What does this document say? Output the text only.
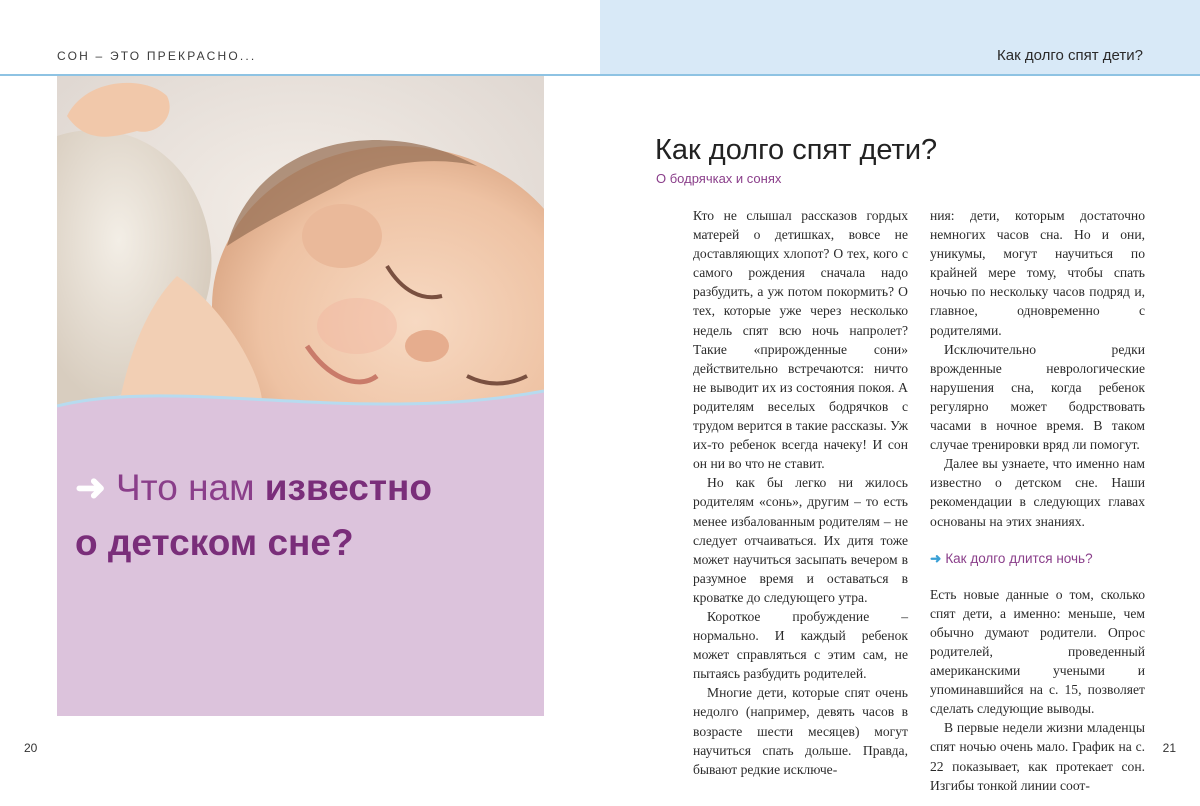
СОН – ЭТО ПРЕКРАСНО...	Как долго спят дети?
➜ Что нам известно
о детском сне?
Как долго спят дети?
О бодрячках и сонях

Кто не слышал рассказов гордых матерей о детишках, вовсе не доставляющих хлопот? О тех, кого с самого рождения сначала надо разбудить, а уж потом покормить? О тех, которые уже через несколько недель спят всю ночь напролет? Такие «прирожденные сони» действительно встречаются: ничто не выводит их из состояния покоя. А родителям веселых бодрячков с трудом верится в такие рассказы. Уж их-то ребенок всегда начеку! И сон он ни во что не ставит.

Но как бы легко ни жилось родителям «сонь», другим – то есть менее избалованным родителям – не следует отчаиваться. Их дитя тоже может научиться засыпать вечером в разумное время и оставаться в кроватке до следующего утра.

Короткое пробуждение – нормально. И каждый ребенок может справляться с этим сам, не пытаясь разбудить родителей.

Многие дети, которые спят очень недолго (например, девять часов в возрасте шести месяцев) могут научиться спать дольше. Правда, бывают редкие исключе-

ния: дети, которым достаточно немногих часов сна. Но и они, уникумы, могут научиться по крайней мере тому, чтобы спать ночью по нескольку часов подряд и, главное, одновременно с родителями.

Исключительно редки врожденные неврологические нарушения сна, когда ребенок регулярно может бодрствовать часами в ночное время. В таком случае тренировки вряд ли помогут.

Далее вы узнаете, что именно нам известно о детском сне. Наши рекомендации в следующих главах основаны на этих знаниях.

➜ Как долго длится ночь?

Есть новые данные о том, сколько спят дети, а именно: меньше, чем обычно думают родители. Опрос родителей, проведенный американскими учеными и упоминавшийся на с. 15, позволяет сделать следующие выводы.

В первые недели жизни младенцы спят ночью очень мало. График на с. 22 показывает, как протекает сон. Изгибы тонкой линии соот-

20	21
